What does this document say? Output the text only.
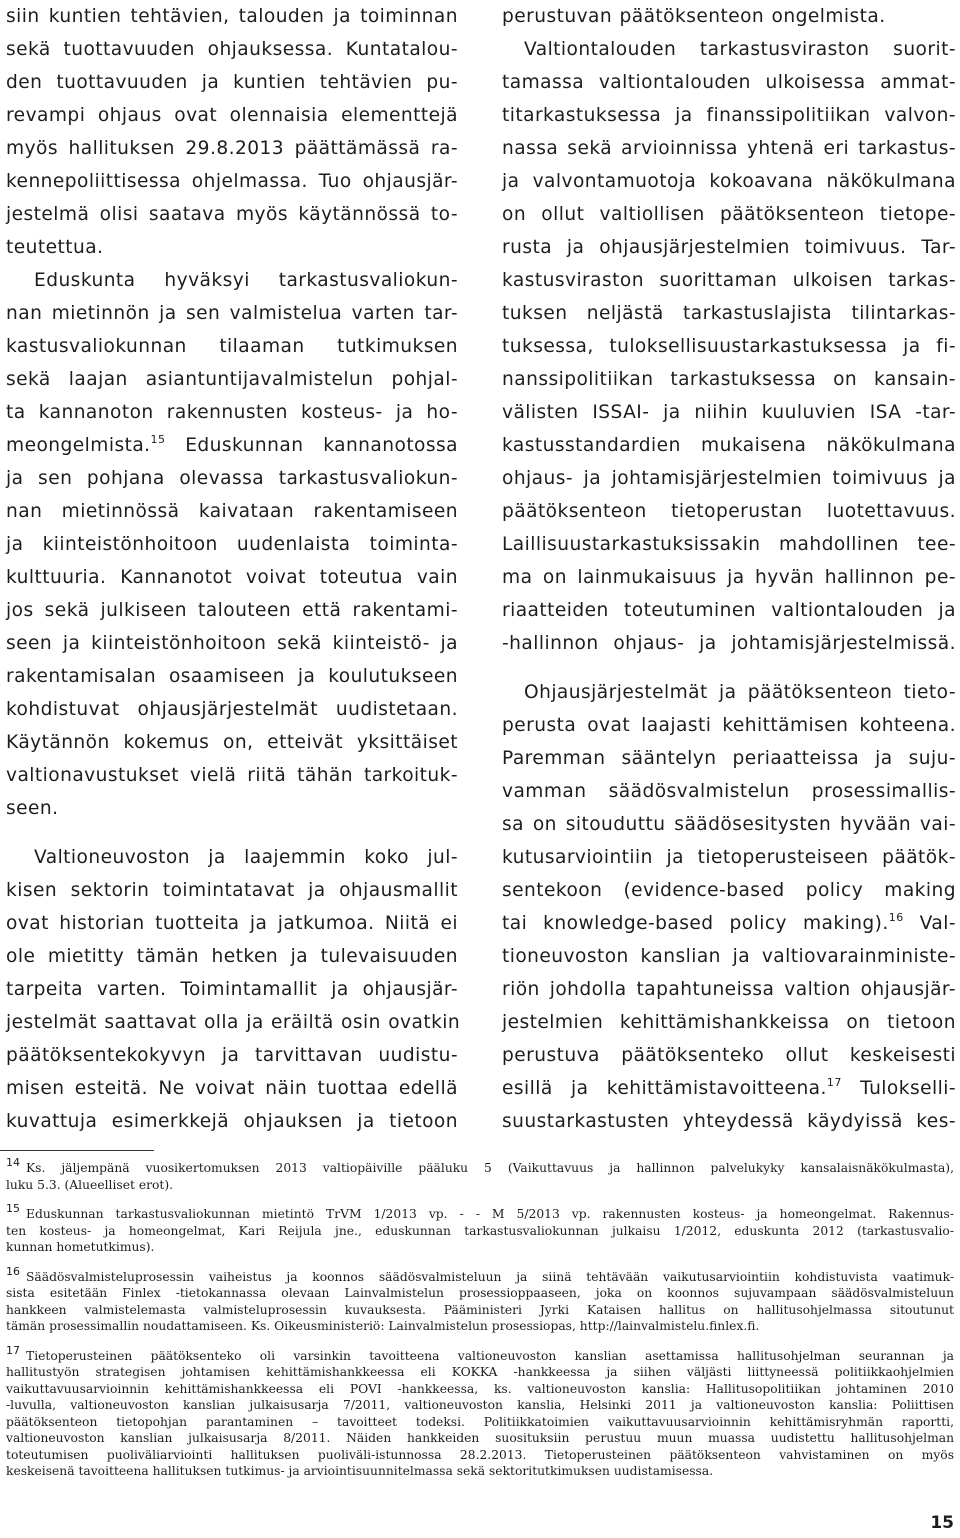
siin kuntien tehtävien, talouden ja toiminnan
sekä tuottavuuden ohjauksessa. Kuntatalou-
den tuottavuuden ja kuntien tehtävien pu-
revampi ohjaus ovat olennaisia elementtejä
myös hallituksen 29.8.2013 päättämässä ra-
kennepoliittisessa ohjelmassa. Tuo ohjausjär-
jestelmä olisi saatava myös käytännössä to-
teutettua.
Eduskunta hyväksyi tarkastusvaliokun-
nan mietinnön ja sen valmistelua varten tar-
kastusvaliokunnan tilaaman tutkimuksen
sekä laajan asiantuntijavalmistelun pohjal-
ta kannanoton rakennusten kosteus- ja ho-
meongelmista.$^{15}$ Eduskunnan kannanotossa
ja sen pohjana olevassa tarkastusvaliokun-
nan mietinnössä kaivataan rakentamiseen
ja kiinteistönhoitoon uudenlaista toiminta-
kulttuuria. Kannanotot voivat toteutua vain
jos sekä julkiseen talouteen että rakentami-
seen ja kiinteistönhoitoon sekä kiinteistö- ja
rakentamisalan osaamiseen ja koulutukseen
kohdistuvat ohjausjärjestelmät uudistetaan.
Käytännön kokemus on, etteivät yksittäiset
valtionavustukset vielä riitä tähän tarkoituk-
seen.
Valtioneuvoston ja laajemmin koko jul-
kisen sektorin toimintatavat ja ohjausmallit
ovat historian tuotteita ja jatkumoa. Niitä ei
ole mietitty tämän hetken ja tulevaisuuden
tarpeita varten. Toimintamallit ja ohjausjär-
jestelmät saattavat olla ja eräiltä osin ovatkin
päätöksentekokyvyn ja tarvittavan uudistu-
misen esteitä. Ne voivat näin tuottaa edellä
kuvattuja esimerkkejä ohjauksen ja tietoon
perustuvan päätöksenteon ongelmista.
Valtiontalouden tarkastusviraston suorit-
tamassa valtiontalouden ulkoisessa ammat-
titarkastuksessa ja finanssipolitiikan valvon-
nassa sekä arvioinnissa yhtenä eri tarkastus-
ja valvontamuotoja kokoavana näkökulmana
on ollut valtiollisen päätöksenteon tietope-
rusta ja ohjausjärjestelmien toimivuus. Tar-
kastusviraston suorittaman ulkoisen tarkas-
tuksen neljästä tarkastuslajista tilintarkas-
tuksessa, tuloksellisuustarkastuksessa ja fi-
nanssipolitiikan tarkastuksessa on kansain-
välisten ISSAI- ja niihin kuuluvien ISA -tar-
kastusstandardien mukaisena näkökulmana
ohjaus- ja johtamisjärjestelmien toimivuus ja
päätöksenteon tietoperustan luotettavuus.
Laillisuustarkastuksissakin mahdollinen tee-
ma on lainmukaisuus ja hyvän hallinnon pe-
riaatteiden toteutuminen valtiontalouden ja
-hallinnon ohjaus- ja johtamisjärjestelmissä.
Ohjausjärjestelmät ja päätöksenteon tieto-
perusta ovat laajasti kehittämisen kohteena.
Paremman sääntelyn periaatteissa ja suju-
vamman säädösvalmistelun prosessimallis-
sa on sitouduttu säädösesitysten hyvään vai-
kutusarviointiin ja tietoperusteiseen päätök-
sentekoon (evidence-based policy making
tai knowledge-based policy making).$^{16}$ Val-
tioneuvoston kanslian ja valtiovarainministe-
riön johdolla tapahtuneissa valtion ohjausjär-
jestelmien kehittämishankkeissa on tietoon
perustuva päätöksenteko ollut keskeisesti
esillä ja kehittämistavoitteena.$^{17}$ Tulokselli-
suustarkastusten yhteydessä käydyissä kes-
$^{14}$ Ks. jäljempänä vuosikertomuksen 2013 valtiopäiville pääluku 5 (Vaikuttavuus ja hallinnon palvelukyky kansalaisnäkökulmasta),
luku 5.3. (Alueelliset erot).
$^{15}$ Eduskunnan tarkastusvaliokunnan mietintö TrVM 1/2013 vp. - - M 5/2013 vp. rakennusten kosteus- ja homeongelmat. Rakennus-
ten kosteus- ja homeongelmat, Kari Reijula jne., eduskunnan tarkastusvaliokunnan julkaisu 1/2012, eduskunta 2012 (tarkastusvalio-
kunnan hometutkimus).
$^{16}$ Säädösvalmisteluprosessin vaiheistus ja koonnos säädösvalmisteluun ja siinä tehtävään vaikutusarviointiin kohdistuvista vaatimuk-
sista esitetään Finlex -tietokannassa olevaan Lainvalmistelun prosessioppaaseen, joka on koonnos sujuvampaan säädösvalmisteluun
hankkeen valmistelemasta valmisteluprosessin kuvauksesta. Pääministeri Jyrki Kataisen hallitus on hallitusohjelmassa sitoutunut
tämän prosessimallin noudattamiseen. Ks. Oikeusministeriö: Lainvalmistelun prosessiopas, http://lainvalmistelu.finlex.fi.
$^{17}$ Tietoperusteinen päätöksenteko oli varsinkin tavoitteena valtioneuvoston kanslian asettamissa hallitusohjelman seurannan ja
hallitustyön strategisen johtamisen kehittämishankkeessa eli KOKKA -hankkeessa ja siihen väljästi liittyneessä politiikkaohjelmien
vaikuttavuusarvioinnin kehittämishankkeessa eli POVI -hankkeessa, ks. valtioneuvoston kanslia: Hallitusopolitiikan johtaminen 2010
-luvulla, valtioneuvoston kanslian julkaisusarja 7/2011, valtioneuvoston kanslia, Helsinki 2011 ja valtioneuvoston kanslia: Poliittisen
päätöksenteon tietopohjan parantaminen – tavoitteet todeksi. Politiikkatoimien vaikuttavuusarvioinnin kehittämisryhmän raportti,
valtioneuvoston kanslian julkaisusarja 8/2011. Näiden hankkeiden suosituksiin perustuu muun muassa uudistettu hallitusohjelman
toteutumisen puoliväliarviointi hallituksen puoliväli-istunnossa 28.2.2013. Tietoperusteinen päätöksenteon vahvistaminen on myös
keskeisenä tavoitteena hallituksen tutkimus- ja arviointisuunnitelmassa sekä sektoritutkimuksen uudistamisessa.
15
